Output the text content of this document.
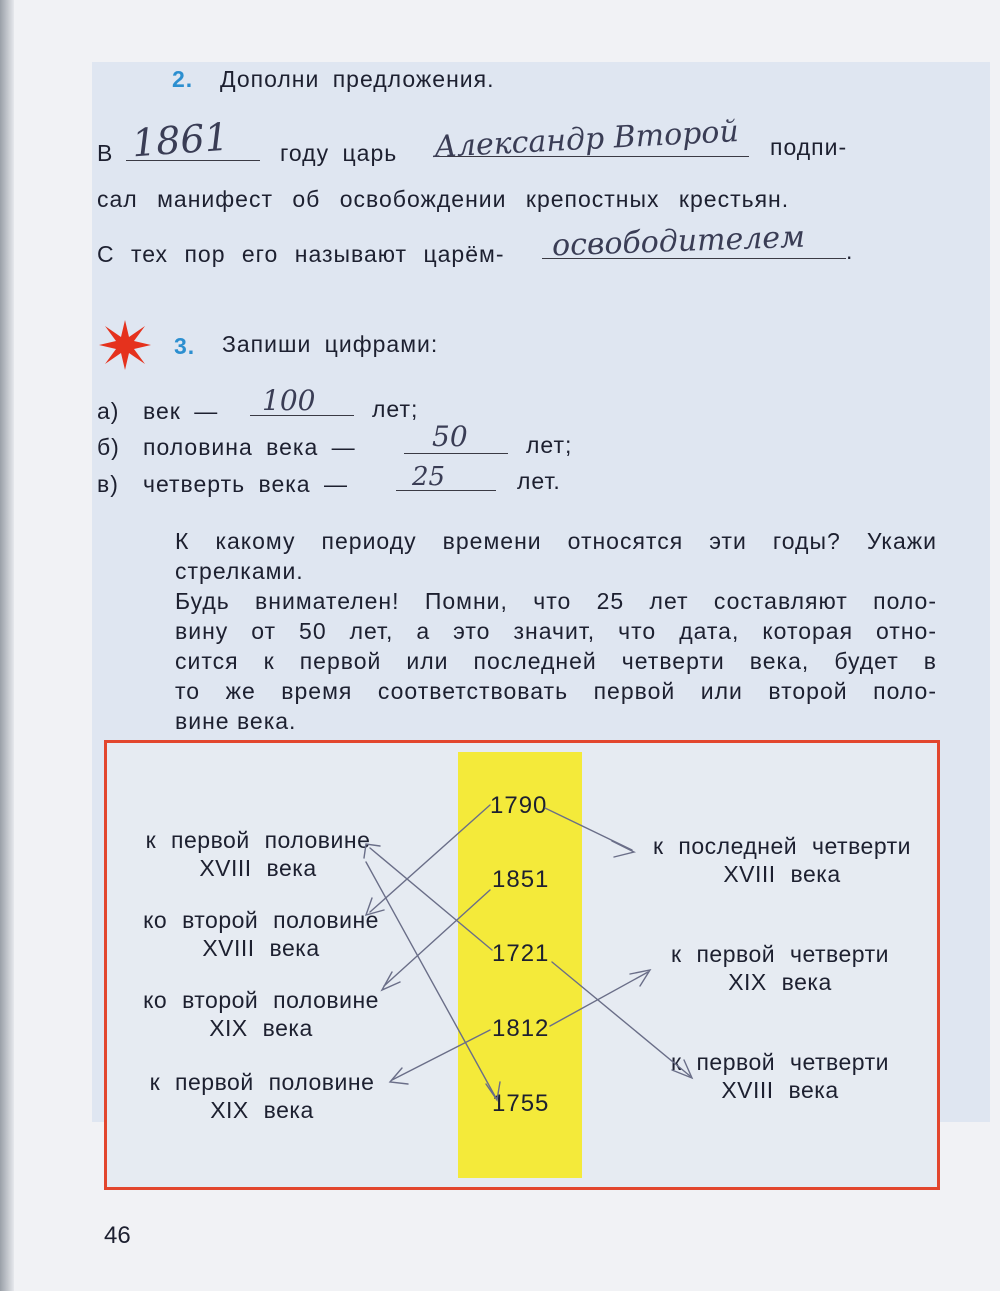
2. Дополни предложения.
В 1861 году царь Александр Второй подпи-
сал манифест об освобождении крепостных крестьян.
С тех пор его называют царём- освободителем .
3. Запиши цифрами:
а) век — 100 лет;
б) половина века —	50	лет;
в) четверть века — 25	лет.

К какому периоду времени относятся эти годы? Укажи

стрелками.

Будь внимателен! Помни, что 25 лет составляют поло-

вину от 50 лет, а это значит, что дата, которая отно-

сится к первой или последней четверти века, будет в

то же время соответствовать первой или второй поло-

вине века.

к первой половине
XVIII века
ко второй половине
XVIII века
ко второй половине
XIX века
к первой половине
XIX века
1790
1851
1721
1812
1755
к последней четверти
XVIII века
к первой четверти
XIX века
к первой четверти
XVIII века
46
